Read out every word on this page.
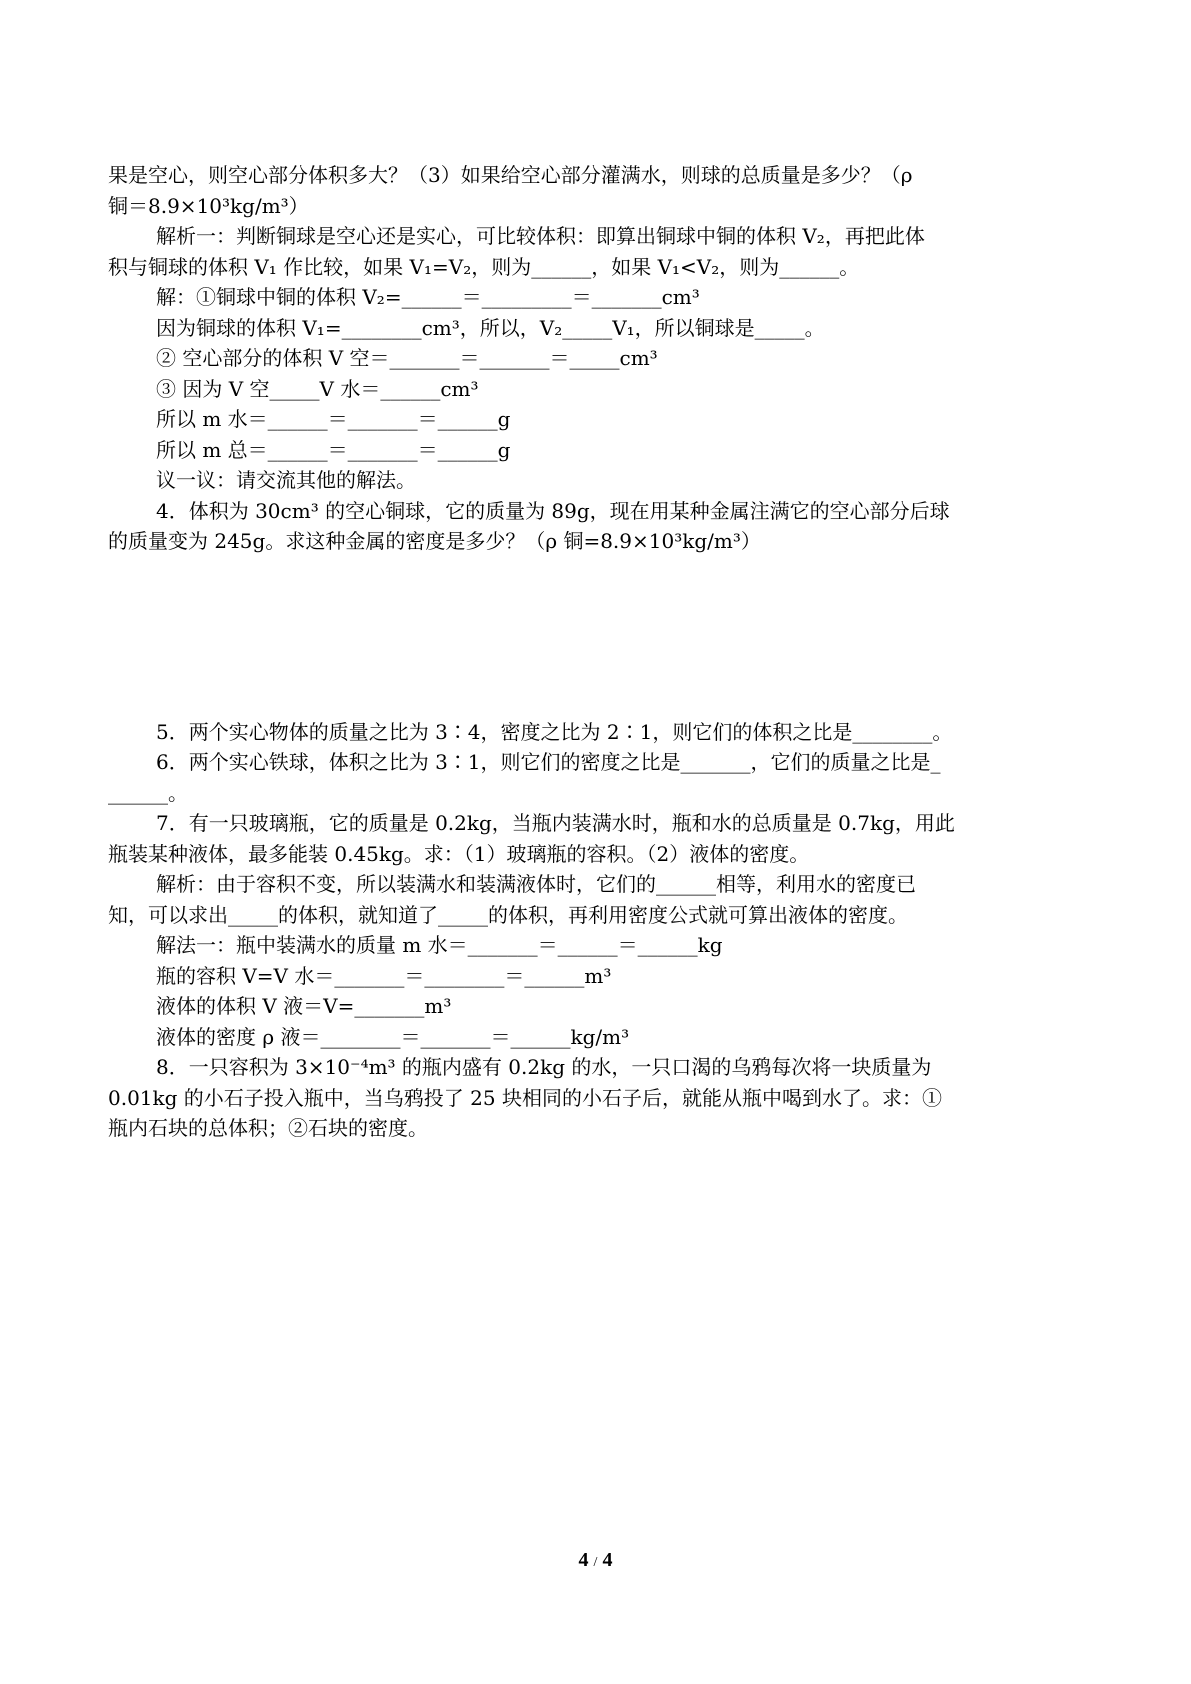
果是空心，则空心部分体积多大？（3）如果给空心部分灌满水，则球的总质量是多少？（ρ

铜＝8.9×10³kg/m³）

解析一：判断铜球是空心还是实心，可比较体积：即算出铜球中铜的体积 V₂，再把此体

积与铜球的体积 V₁ 作比较，如果 V₁=V₂，则为______，如果 V₁<V₂，则为______。

解：①铜球中铜的体积 V₂=______＝_________＝_______cm³

因为铜球的体积 V₁=________cm³，所以，V₂_____V₁，所以铜球是_____。

② 空心部分的体积 V 空＝_______＝_______＝_____cm³

③ 因为 V 空_____V 水＝______cm³

所以 m 水＝______＝_______＝______g

所以 m 总＝______＝_______＝______g

议一议：请交流其他的解法。

4．体积为 30cm³ 的空心铜球，它的质量为 89g，现在用某种金属注满它的空心部分后球

的质量变为 245g。求这种金属的密度是多少？（ρ 铜=8.9×10³kg/m³）

5．两个实心物体的质量之比为 3∶4，密度之比为 2∶1，则它们的体积之比是________。

6．两个实心铁球，体积之比为 3∶1，则它们的密度之比是_______，它们的质量之比是_

______。

7．有一只玻璃瓶，它的质量是 0.2kg，当瓶内装满水时，瓶和水的总质量是 0.7kg，用此

瓶装某种液体，最多能装 0.45kg。求：（1）玻璃瓶的容积。（2）液体的密度。

解析：由于容积不变，所以装满水和装满液体时，它们的______相等，利用水的密度已

知，可以求出_____的体积，就知道了_____的体积，再利用密度公式就可算出液体的密度。

解法一：瓶中装满水的质量 m 水＝_______＝______＝______kg

瓶的容积 V=V 水＝_______＝________＝______m³

液体的体积 V 液＝V=_______m³

液体的密度 ρ 液＝________＝_______＝______kg/m³

8．一只容积为 3×10⁻⁴m³ 的瓶内盛有 0.2kg 的水，一只口渴的乌鸦每次将一块质量为

0.01kg 的小石子投入瓶中，当乌鸦投了 25 块相同的小石子后，就能从瓶中喝到水了。求：①

瓶内石块的总体积；②石块的密度。

4 / 4
